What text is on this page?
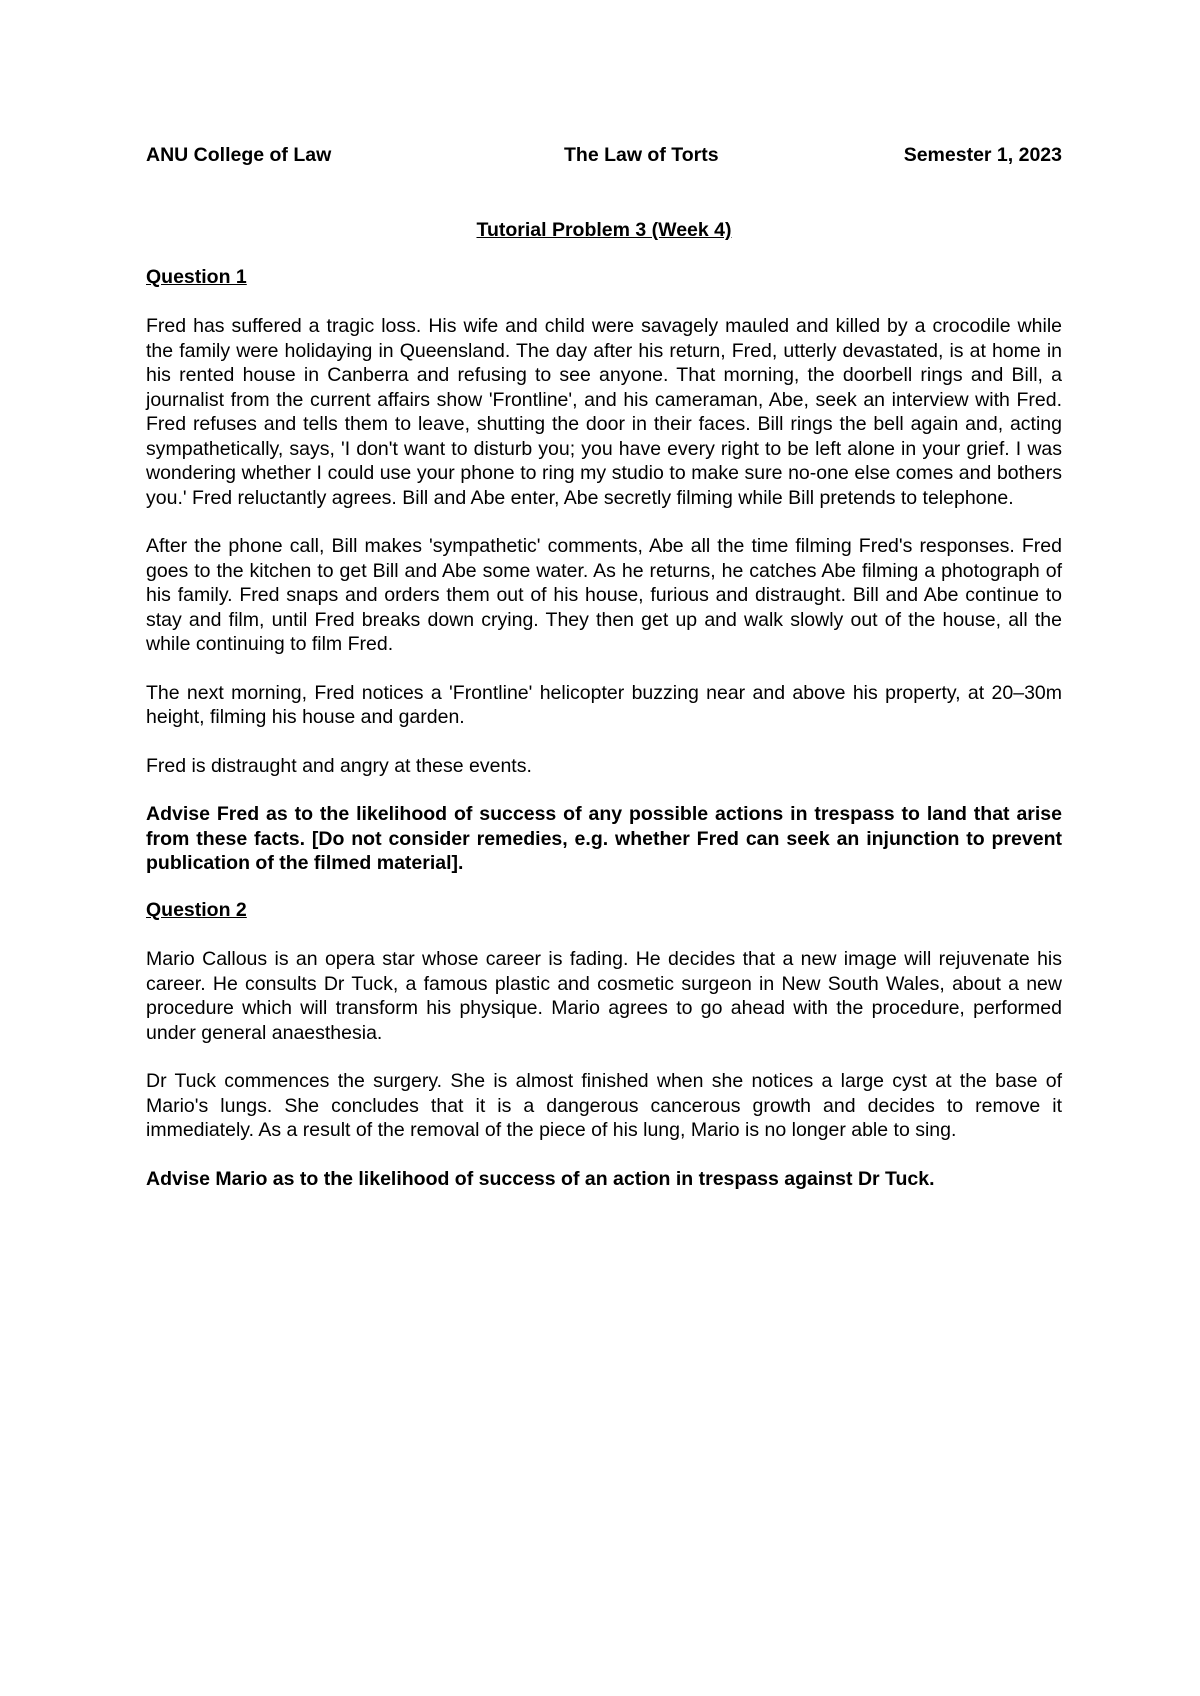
ANU College of Law	The Law of Torts	Semester 1, 2023
Tutorial Problem 3 (Week 4)
Question 1

Fred has suffered a tragic loss. His wife and child were savagely mauled and killed by a crocodile while the family were holidaying in Queensland. The day after his return, Fred, utterly devastated, is at home in his rented house in Canberra and refusing to see anyone. That morning, the doorbell rings and Bill, a journalist from the current affairs show 'Frontline', and his cameraman, Abe, seek an interview with Fred. Fred refuses and tells them to leave, shutting the door in their faces. Bill rings the bell again and, acting sympathetically, says, 'I don't want to disturb you; you have every right to be left alone in your grief. I was wondering whether I could use your phone to ring my studio to make sure no-one else comes and bothers you.' Fred reluctantly agrees. Bill and Abe enter, Abe secretly filming while Bill pretends to telephone.

After the phone call, Bill makes 'sympathetic' comments, Abe all the time filming Fred's responses. Fred goes to the kitchen to get Bill and Abe some water. As he returns, he catches Abe filming a photograph of his family. Fred snaps and orders them out of his house, furious and distraught. Bill and Abe continue to stay and film, until Fred breaks down crying. They then get up and walk slowly out of the house, all the while continuing to film Fred.

The next morning, Fred notices a 'Frontline' helicopter buzzing near and above his property, at 20–30m height, filming his house and garden.

Fred is distraught and angry at these events.

Advise Fred as to the likelihood of success of any possible actions in trespass to land that arise from these facts. [Do not consider remedies, e.g. whether Fred can seek an injunction to prevent publication of the filmed material].

Question 2

Mario Callous is an opera star whose career is fading. He decides that a new image will rejuvenate his career. He consults Dr Tuck, a famous plastic and cosmetic surgeon in New South Wales, about a new procedure which will transform his physique. Mario agrees to go ahead with the procedure, performed under general anaesthesia.

Dr Tuck commences the surgery. She is almost finished when she notices a large cyst at the base of Mario's lungs. She concludes that it is a dangerous cancerous growth and decides to remove it immediately. As a result of the removal of the piece of his lung, Mario is no longer able to sing.

Advise Mario as to the likelihood of success of an action in trespass against Dr Tuck.
